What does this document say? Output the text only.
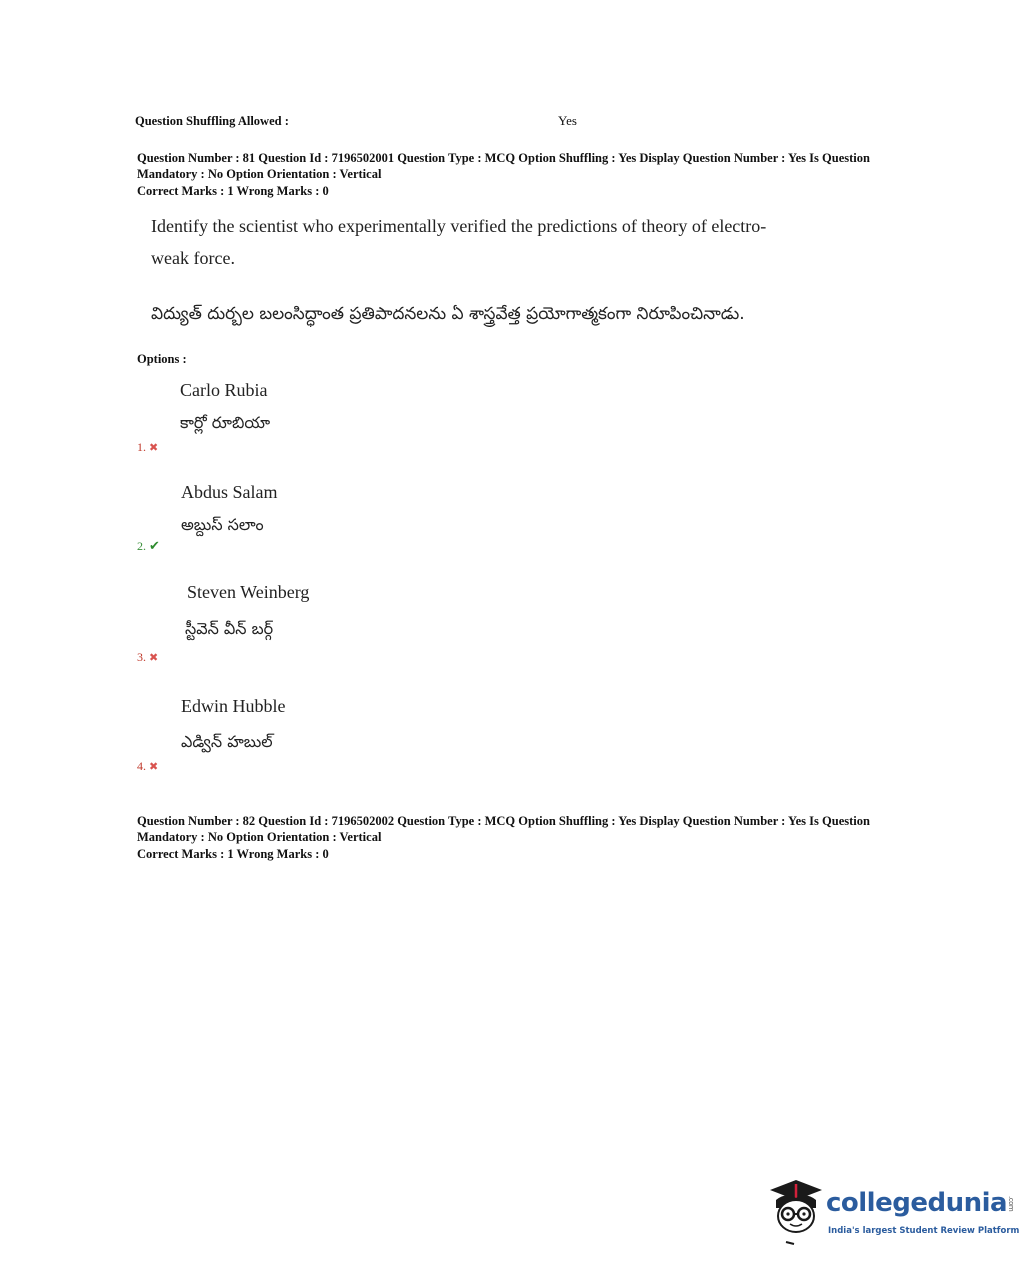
Question Shuffling Allowed :	Yes
Question Number : 81 Question Id : 7196502001 Question Type : MCQ Option Shuffling : Yes Display Question Number : Yes Is Question
Mandatory : No Option Orientation : Vertical
Correct Marks : 1 Wrong Marks : 0
Identify the scientist who experimentally verified the predictions of theory of electro-
weak force.
విద్యుత్ దుర్బల బలంసిద్ధాంత ప్రతిపాదనలను ఏ శాస్త్రవేత్త ప్రయోగాత్మకంగా నిరూపించినాడు.
Options :
Carlo Rubia
కార్లో రూబియా
1. ✖
Abdus Salam
అబ్దుస్ సలాం
2. ✔
Steven Weinberg
స్టీవెన్ వీన్ బర్గ్
3. ✖
Edwin Hubble
ఎడ్విన్ హబుల్
4. ✖
Question Number : 82 Question Id : 7196502002 Question Type : MCQ Option Shuffling : Yes Display Question Number : Yes Is Question
Mandatory : No Option Orientation : Vertical
Correct Marks : 1 Wrong Marks : 0
collegedunia.com
India's largest Student Review Platform
